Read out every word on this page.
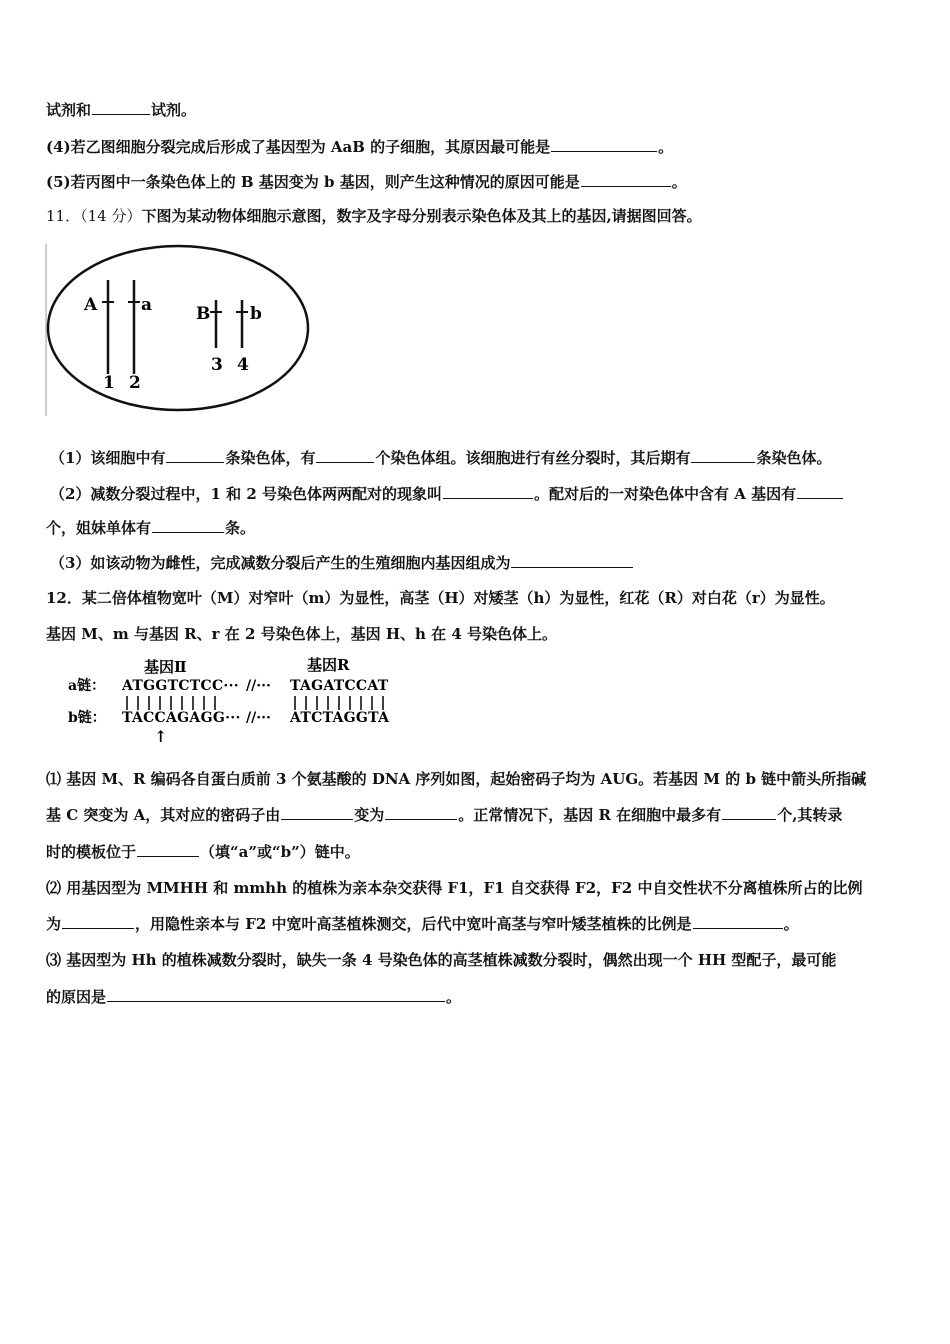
试剂和	试剂。
(4)若乙图细胞分裂完成后形成了基因型为 AaB 的子细胞，其原因最可能是	。
(5)若丙图中一条染色体上的 B 基因变为 b 基因，则产生这种情况的原因可能是	。
11．（14 分）下图为某动物体细胞示意图，数字及字母分别表示染色体及其上的基因,请据图回答。
A
1
a
2
B
3
b
4
（1）该细胞中有	条染色体，有	个染色体组。该细胞进行有丝分裂时，其后期有	条染色体。
（2）减数分裂过程中，1 和 2 号染色体两两配对的现象叫	。配对后的一对染色体中含有 A 基因有
个，姐妹单体有	条。
（3）如该动物为雌性，完成减数分裂后产生的生殖细胞内基因组成为
12．某二倍体植物宽叶（M）对窄叶（m）为显性，高茎（H）对矮茎（h）为显性，红花（R）对白花（r）为显性。
基因 M、m 与基因 R、r 在 2 号染色体上，基因 H、h 在 4 号染色体上。
基因Ⅱ	基因R
a链： ATGGTCTCC··· //··· TAGATCCAT
b链： TACCAGAGG··· //··· ATCTAGGTA
↑
⑴ 基因 M、R 编码各自蛋白质前 3 个氨基酸的 DNA 序列如图，起始密码子均为 AUG。若基因 M 的 b 链中箭头所指碱
基 C 突变为 A，其对应的密码子由	变为	。正常情况下，基因 R 在细胞中最多有	个,其转录
时的模板位于	（填“a”或“b”）链中。
⑵ 用基因型为 MMHH 和 mmhh 的植株为亲本杂交获得 F1，F1 自交获得 F2，F2 中自交性状不分离植株所占的比例
为	，用隐性亲本与 F2 中宽叶高茎植株测交，后代中宽叶高茎与窄叶矮茎植株的比例是	。
⑶ 基因型为 Hh 的植株减数分裂时，缺失一条 4 号染色体的高茎植株减数分裂时，偶然出现一个 HH 型配子，最可能
的原因是	。
